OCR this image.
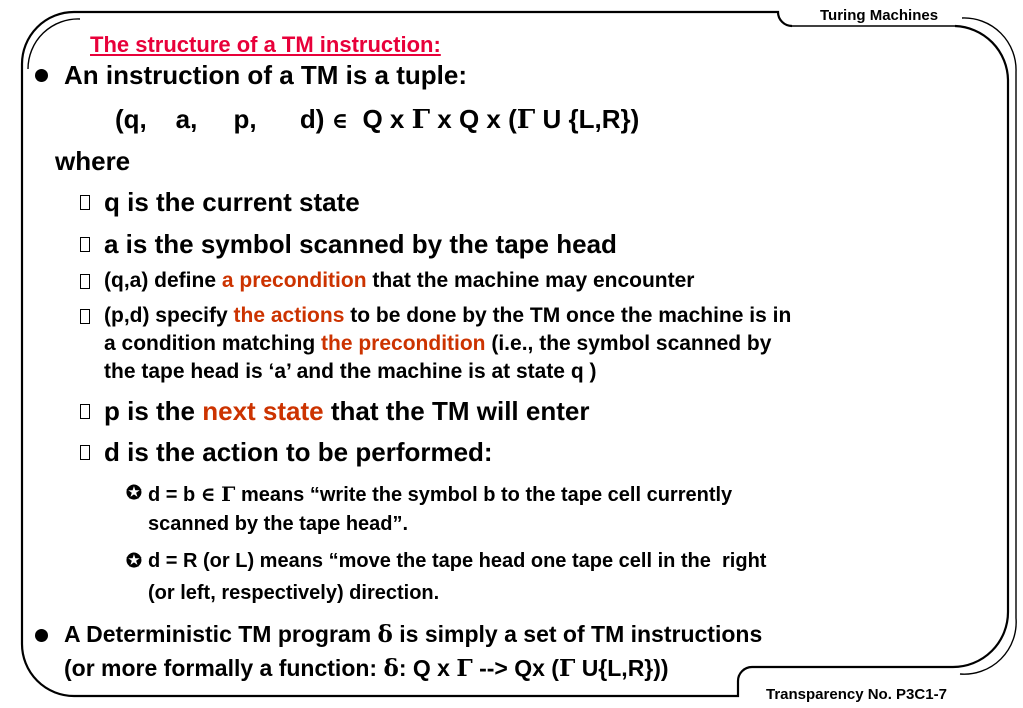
Turing Machines
Transparency No. P3C1-7
The structure of a TM instruction:
An instruction of a TM is a tuple:
(q,    a,     p,      d) ∈ Q x Γ x Q x (Γ U {L,R})
where
q is the current state
a is the symbol scanned by the tape head
(q,a) define a precondition that the machine may encounter
(p,d) specify the actions to be done by the TM once the machine is in
a condition matching the precondition (i.e., the symbol scanned by
the tape head is ‘a’ and the machine is at state q )
p is the next state that the TM will enter
d is the action to be performed:
✪ d = b ∈ Γ means “write the symbol b to the tape cell currently
scanned by the tape head”.
✪ d = R (or L) means “move the tape head one tape cell in the  right
(or left, respectively) direction.
A Deterministic TM program δ is simply a set of TM instructions
(or more formally a function: δ: Q x Γ --> Qx (Γ U{L,R}))
